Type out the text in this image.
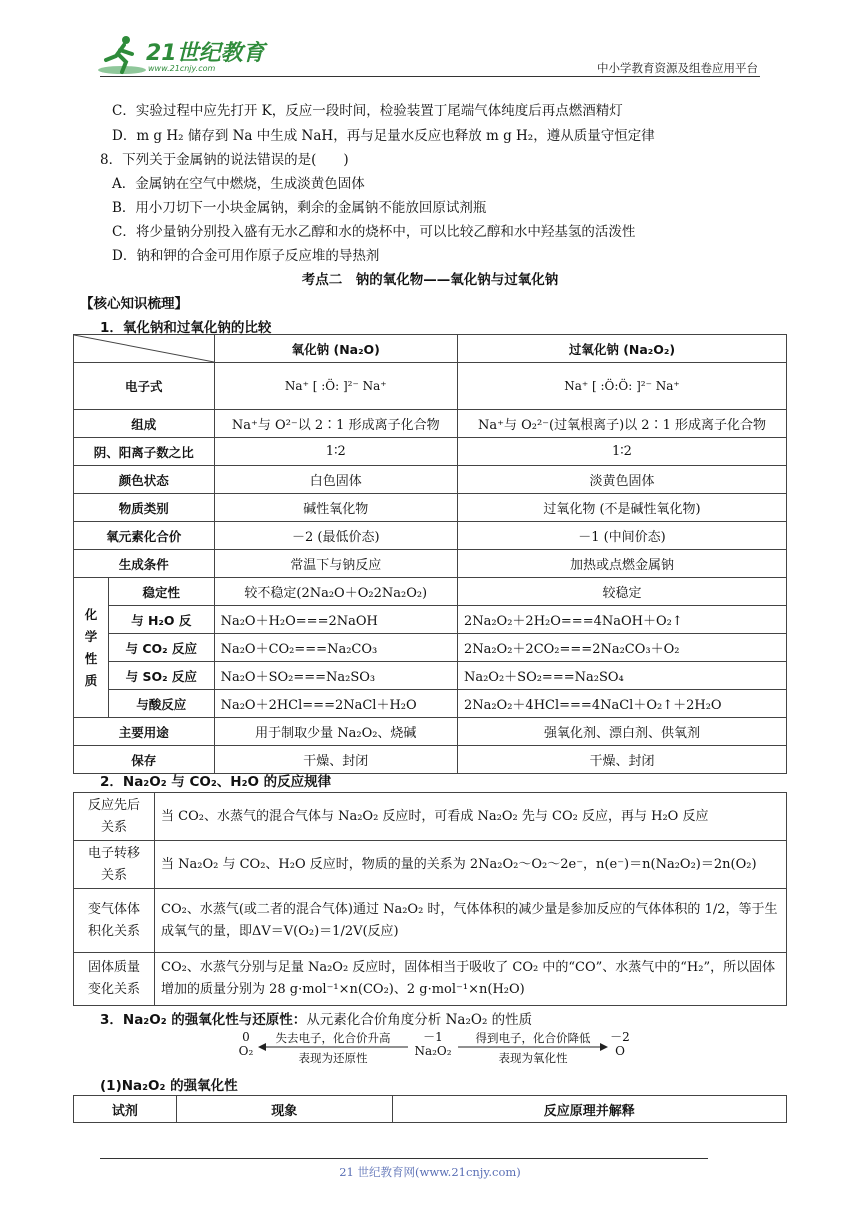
21世纪教育
www.21cnjy.com	中小学教育资源及组卷应用平台
C．实验过程中应先打开 K，反应一段时间，检验装置丁尾端气体纯度后再点燃酒精灯
D．m g H₂ 储存到 Na 中生成 NaH，再与足量水反应也释放 m g H₂，遵从质量守恒定律
8．下列关于金属钠的说法错误的是(　　)
A．金属钠在空气中燃烧，生成淡黄色固体
B．用小刀切下一小块金属钠，剩余的金属钠不能放回原试剂瓶
C．将少量钠分别投入盛有无水乙醇和水的烧杯中，可以比较乙醇和水中羟基氢的活泼性
D．钠和钾的合金可用作原子反应堆的导热剂
考点二　钠的氧化物——氧化钠与过氧化钠
【核心知识梳理】
1．氧化钠和过氧化钠的比较
	氧化钠 (Na₂O)	过氧化钠 (Na₂O₂)
电子式		Na⁺ [ :Ö: ]²⁻ Na⁺	Na⁺ [ :Ö:Ö: ]²⁻ Na⁺
组成		Na⁺与 O²⁻以 2∶1 形成离子化合物	Na⁺与 O₂²⁻(过氧根离子)以 2∶1 形成离子化合物
阴、阳离子数之比		1∶2	1∶2
颜色状态		白色固体	淡黄色固体
物质类别		碱性氧化物	过氧化物 (不是碱性氧化物)
氧元素化合价		－2 (最低价态)	－1 (中间价态)
生成条件		常温下与钠反应	加热或点燃金属钠
化学性质	稳定性	较不稳定(2Na₂O＋O₂2Na₂O₂)	较稳定
	与 H₂O 反	Na₂O＋H₂O===2NaOH	2Na₂O₂＋2H₂O===4NaOH＋O₂↑
	与 CO₂ 反应	Na₂O＋CO₂===Na₂CO₃	2Na₂O₂＋2CO₂===2Na₂CO₃＋O₂
	与 SO₂ 反应	Na₂O＋SO₂===Na₂SO₃	Na₂O₂＋SO₂===Na₂SO₄
	与酸反应	Na₂O＋2HCl===2NaCl＋H₂O	2Na₂O₂＋4HCl===4NaCl＋O₂↑＋2H₂O
主要用途		用于制取少量 Na₂O₂、烧碱	强氧化剂、漂白剂、供氧剂
保存		干燥、封闭	干燥、封闭
2．Na₂O₂ 与 CO₂、H₂O 的反应规律
反应先后
关系	当 CO₂、水蒸气的混合气体与 Na₂O₂ 反应时，可看成 Na₂O₂ 先与 CO₂ 反应，再与 H₂O 反应
电子转移
关系	当 Na₂O₂ 与 CO₂、H₂O 反应时，物质的量的关系为 2Na₂O₂～O₂～2e⁻，n(e⁻)＝n(Na₂O₂)＝2n(O₂)
变气体体
积化关系	CO₂、水蒸气(或二者的混合气体)通过 Na₂O₂ 时，气体体积的减少量是参加反应的气体体积的 1/2，等于生成氧气的量，即ΔV＝V(O₂)＝1/2V(反应)
固体质量
变化关系	CO₂、水蒸气分别与足量 Na₂O₂ 反应时，固体相当于吸收了 CO₂ 中的“CO”、水蒸气中的“H₂”，所以固体增加的质量分别为 28 g·mol⁻¹×n(CO₂)、2 g·mol⁻¹×n(H₂O)
3．Na₂O₂ 的强氧化性与还原性：从元素化合价角度分析 Na₂O₂ 的性质
0
O₂
失去电子，化合价升高
表现为还原性
－1
Na₂O₂
得到电子，化合价降低
表现为氧化性
－2
O
(1)Na₂O₂ 的强氧化性
试剂	现象	反应原理并解释
21 世纪教育网(www.21cnjy.com)
